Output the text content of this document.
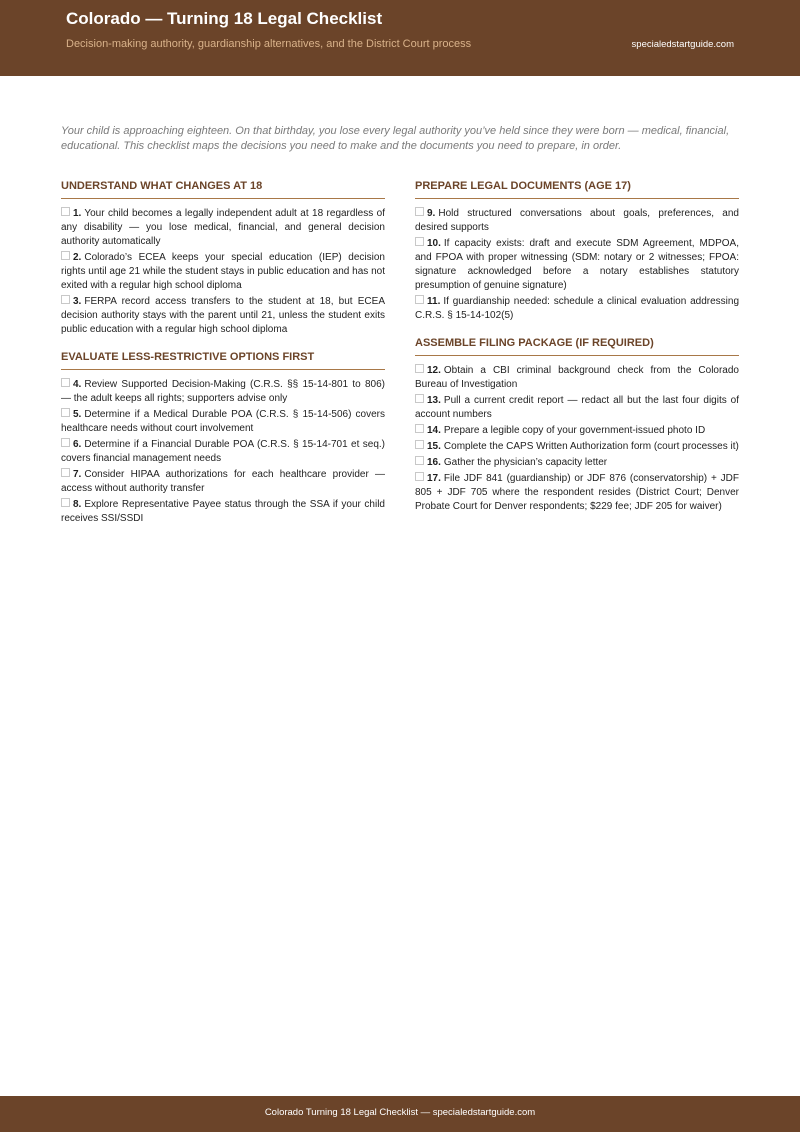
Colorado — Turning 18 Legal Checklist
Decision-making authority, guardianship alternatives, and the District Court process	specialedstartguide.com

Your child is approaching eighteen. On that birthday, you lose every legal authority you’ve held since they were born — medical, financial, educational. This checklist maps the decisions you need to make and the documents you need to prepare, in order.

UNDERSTAND WHAT CHANGES AT 18
1. Your child becomes a legally independent adult at 18 regardless of any disability — you lose medical, financial, and general decision authority automatically
2. Colorado’s ECEA keeps your special education (IEP) decision rights until age 21 while the student stays in public education and has not exited with a regular high school diploma
3. FERPA record access transfers to the student at 18, but ECEA decision authority stays with the parent until 21, unless the student exits public education with a regular high school diploma
EVALUATE LESS-RESTRICTIVE OPTIONS FIRST
4. Review Supported Decision-Making (C.R.S. §§ 15-14-801 to 806) — the adult keeps all rights; supporters advise only
5. Determine if a Medical Durable POA (C.R.S. § 15-14-506) covers healthcare needs without court involvement
6. Determine if a Financial Durable POA (C.R.S. § 15-14-701 et seq.) covers financial management needs
7. Consider HIPAA authorizations for each healthcare provider — access without authority transfer
8. Explore Representative Payee status through the SSA if your child receives SSI/SSDI
PREPARE LEGAL DOCUMENTS (AGE 17)
9. Hold structured conversations about goals, preferences, and desired supports
10. If capacity exists: draft and execute SDM Agreement, MDPOA, and FPOA with proper witnessing (SDM: notary or 2 witnesses; FPOA: signature acknowledged before a notary establishes statutory presumption of genuine signature)
11. If guardianship needed: schedule a clinical evaluation addressing C.R.S. § 15-14-102(5)
ASSEMBLE FILING PACKAGE (IF REQUIRED)
12. Obtain a CBI criminal background check from the Colorado Bureau of Investigation
13. Pull a current credit report — redact all but the last four digits of account numbers
14. Prepare a legible copy of your government-issued photo ID
15. Complete the CAPS Written Authorization form (court processes it)
16. Gather the physician’s capacity letter
17. File JDF 841 (guardianship) or JDF 876 (conservatorship) + JDF 805 + JDF 705 where the respondent resides (District Court; Denver Probate Court for Denver respondents; $229 fee; JDF 205 for waiver)
Colorado Turning 18 Legal Checklist — specialedstartguide.com
